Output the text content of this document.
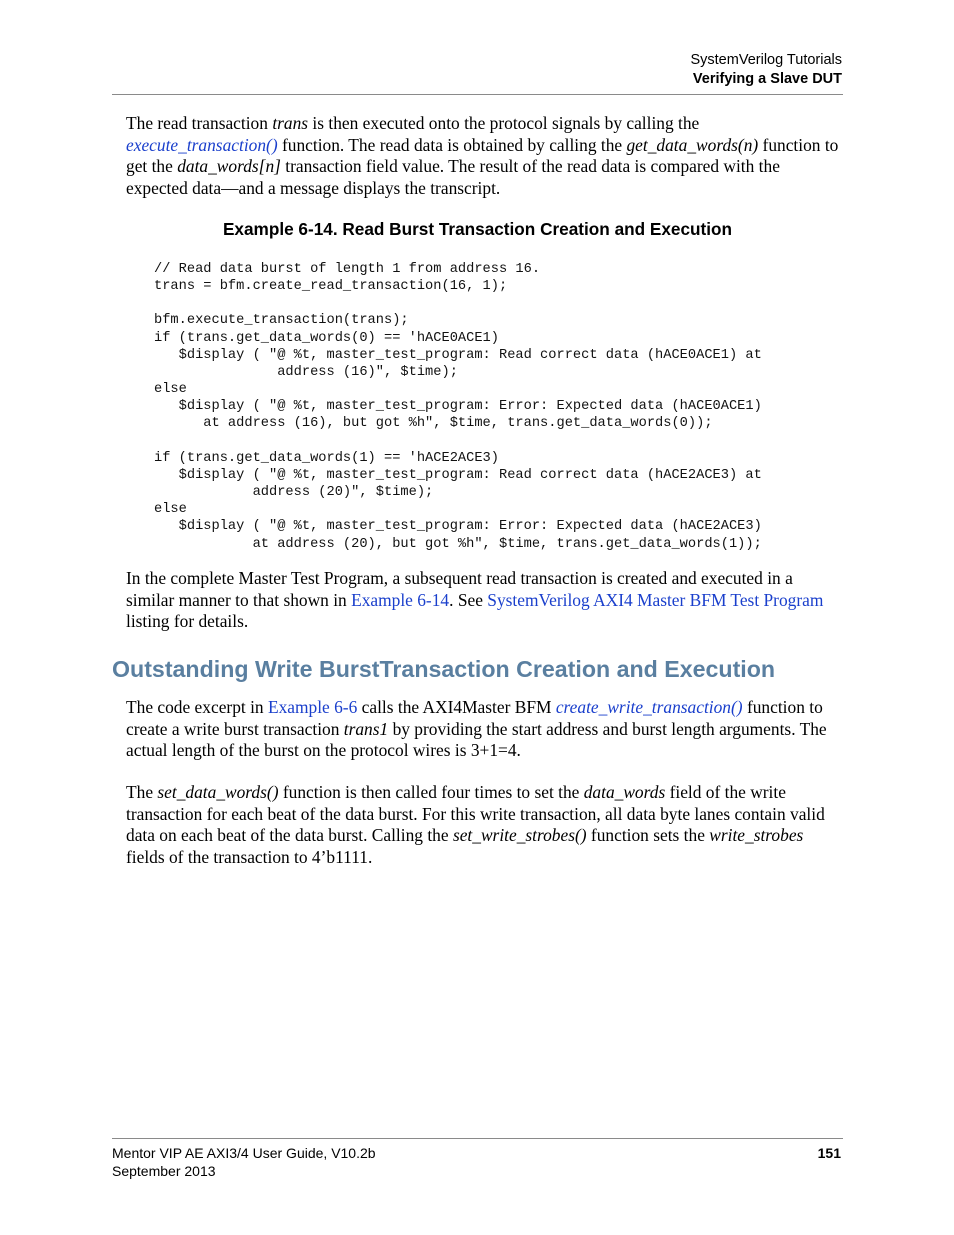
SystemVerilog Tutorials
Verifying a Slave DUT

The read transaction trans is then executed onto the protocol signals by calling the execute_transaction() function. The read data is obtained by calling the get_data_words(n) function to get the data_words[n] transaction field value. The result of the read data is compared with the expected data—and a message displays the transcript.

Example 6-14. Read Burst Transaction Creation and Execution
// Read data burst of length 1 from address 16.
trans = bfm.create_read_transaction(16, 1);

bfm.execute_transaction(trans);
if (trans.get_data_words(0) == 'hACE0ACE1)
$display ( "@ %t, master_test_program: Read correct data (hACE0ACE1) at
address (16)", $time);
else
$display ( "@ %t, master_test_program: Error: Expected data (hACE0ACE1)
at address (16), but got %h", $time, trans.get_data_words(0));

if (trans.get_data_words(1) == 'hACE2ACE3)
$display ( "@ %t, master_test_program: Read correct data (hACE2ACE3) at
address (20)", $time);
else
$display ( "@ %t, master_test_program: Error: Expected data (hACE2ACE3)
at address (20), but got %h", $time, trans.get_data_words(1));

In the complete Master Test Program, a subsequent read transaction is created and executed in a similar manner to that shown in Example 6-14. See SystemVerilog AXI4 Master BFM Test Program listing for details.

Outstanding Write BurstTransaction Creation and Execution

The code excerpt in Example 6-6 calls the AXI4Master BFM create_write_transaction() function to create a write burst transaction trans1 by providing the start address and burst length arguments. The actual length of the burst on the protocol wires is 3+1=4.

The set_data_words() function is then called four times to set the data_words field of the write transaction for each beat of the data burst. For this write transaction, all data byte lanes contain valid data on each beat of the data burst. Calling the set_write_strobes() function sets the write_strobes fields of the transaction to 4’b1111.

Mentor VIP AE AXI3/4 User Guide, V10.2b
September 2013
151
